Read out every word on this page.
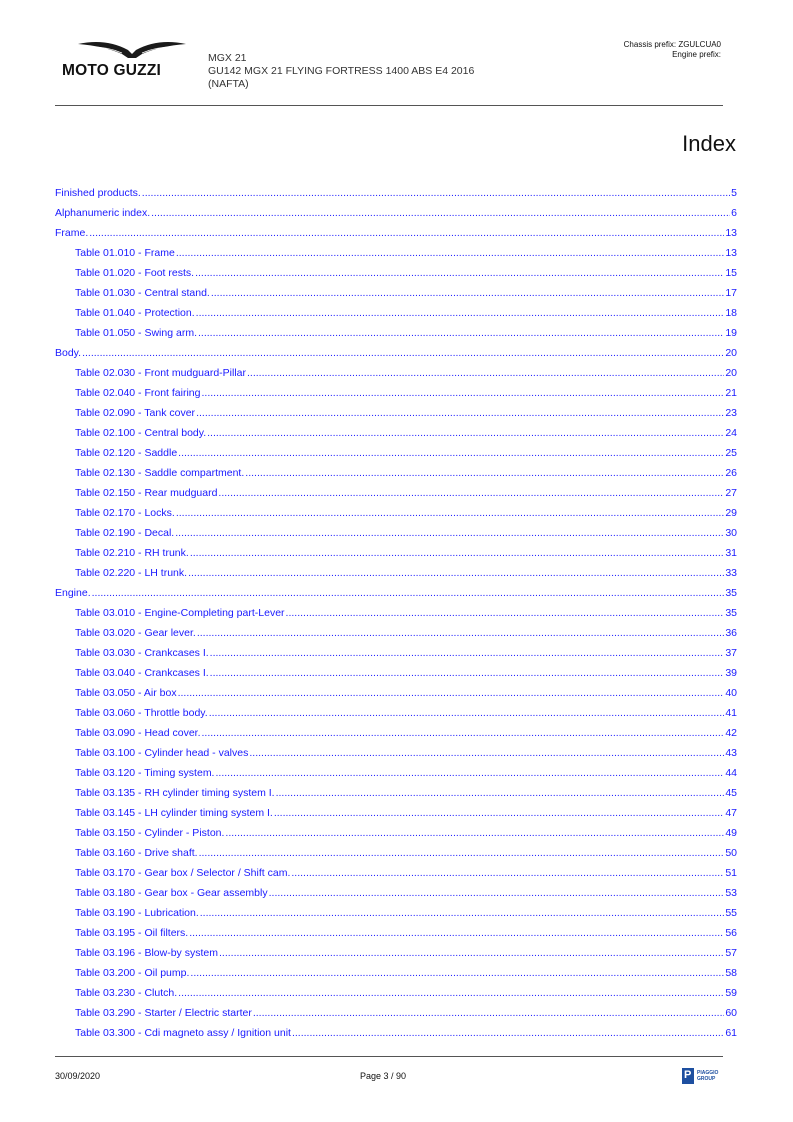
MOTO GUZZI
MGX 21
GU142 MGX 21 FLYING FORTRESS 1400 ABS E4 2016
(NAFTA)
Chassis prefix: ZGULCUA0
Engine prefix:
Index
Finished products. .....	5
Alphanumeric index. .....	6
Frame. .....	13
Table 01.010 - Frame .....	13
Table 01.020 - Foot rests. .....	15
Table 01.030 - Central stand. .....	17
Table 01.040 - Protection. .....	18
Table 01.050 - Swing arm. .....	19
Body. .....	20
Table 02.030 - Front mudguard-Pillar .....	20
Table 02.040 - Front fairing .....	21
Table 02.090 - Tank cover .....	23
Table 02.100 - Central body. .....	24
Table 02.120 - Saddle .....	25
Table 02.130 - Saddle compartment. .....	26
Table 02.150 - Rear mudguard .....	27
Table 02.170 - Locks. .....	29
Table 02.190 - Decal. .....	30
Table 02.210 - RH trunk. .....	31
Table 02.220 - LH trunk. .....	33
Engine. .....	35
Table 03.010 - Engine-Completing part-Lever .....	35
Table 03.020 - Gear lever. .....	36
Table 03.030 - Crankcases I. .....	37
Table 03.040 - Crankcases I. .....	39
Table 03.050 - Air box .....	40
Table 03.060 - Throttle body. .....	41
Table 03.090 - Head cover. .....	42
Table 03.100 - Cylinder head - valves .....	43
Table 03.120 - Timing system. .....	44
Table 03.135 - RH cylinder timing system I. .....	45
Table 03.145 - LH cylinder timing system I. .....	47
Table 03.150 - Cylinder - Piston. .....	49
Table 03.160 - Drive shaft. .....	50
Table 03.170 - Gear box / Selector / Shift cam. .....	51
Table 03.180 - Gear box - Gear assembly .....	53
Table 03.190 - Lubrication. .....	55
Table 03.195 - Oil filters. .....	56
Table 03.196 - Blow-by system .....	57
Table 03.200 - Oil pump. .....	58
Table 03.230 - Clutch. .....	59
Table 03.290 - Starter / Electric starter .....	60
Table 03.300 - Cdi magneto assy / Ignition unit .....	61
30/09/2020	Page 3 / 90 P	PIAGGIO
GROUP
